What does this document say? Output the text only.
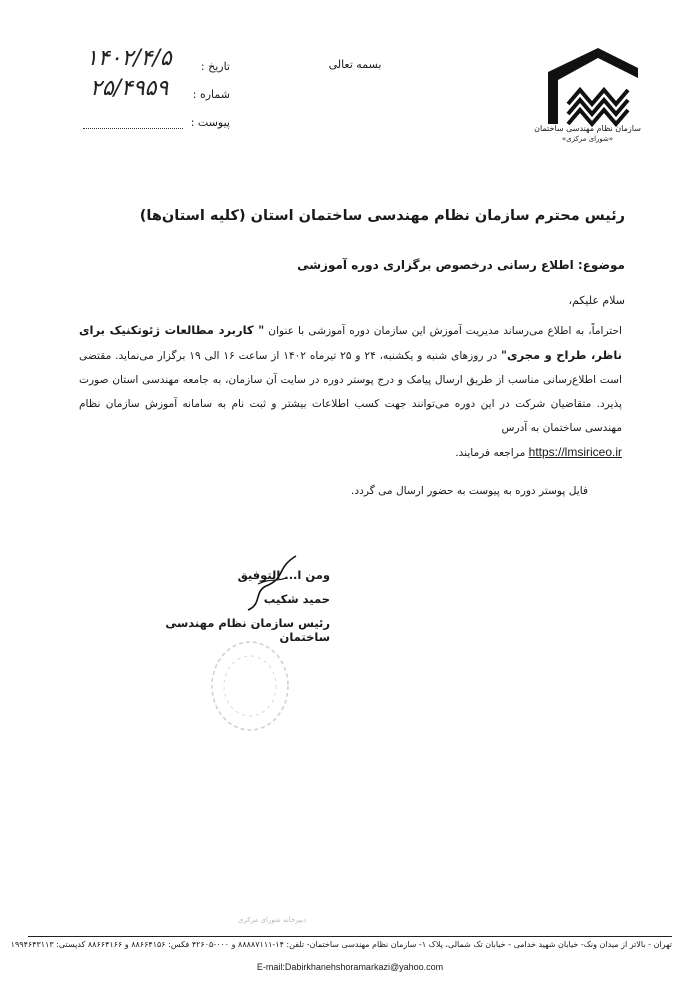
سازمان نظام مهندسی ساختمان
«شورای مرکزی»
بسمه تعالی
تاریخ :
۱۴۰۲/۴/۵
شماره :
۲۵/۴۹۵۹
پیوست :
رئیس محترم سازمان نظام مهندسی ساختمان استان (کلیه استان‌ها)
موضوع: اطلاع رسانی درخصوص برگزاری دوره آموزشی
سلام علیکم،
احتراماً، به اطلاع می‌رساند مدیریت آموزش این سازمان دوره آموزشی با عنوان " کاربرد مطالعات ژئوتکنیک برای ناظر، طراح و مجری" در روزهای شنبه و یکشنبه، ۲۴ و ۲۵ تیرماه ۱۴۰۲ از ساعت ۱۶ الی ۱۹ برگزار می‌نماید. مقتضی است اطلاع‌رسانی مناسب از طریق ارسال پیامک و درج پوستر دوره در سایت آن سازمان، به جامعه مهندسی استان صورت پذیرد. متقاضیان شرکت در این دوره می‌توانند جهت کسب اطلاعات بیشتر و ثبت نام به سامانه آموزش سازمان نظام مهندسی ساختمان به آدرس
https://lmsiriceo.ir مراجعه فرمایند.
فایل پوستر دوره به پیوست به حضور ارسال می گردد.
ومن ا... التوفیق
حمید شکیب
رئیس سازمان نظام مهندسی ساختمان
دبیرخانه شورای مرکزی
تهران - بالاتر از میدان ونک- خیابان شهید خدامی - خیابان تک شمالی، پلاک ۱- سازمان نظام مهندسی ساختمان- تلفن: ۱۴-۸۸۸۸۷۱۱۱ و ۰۰۰-۴۲۶۰۵ فکس: ۸۸۶۶۴۱۵۶ و ۸۸۶۶۴۱۶۶ کدپستی: ۱۹۹۴۶۴۳۱۱۳
E-mail:Dabirkhanehshoramarkazi@yahoo.com
